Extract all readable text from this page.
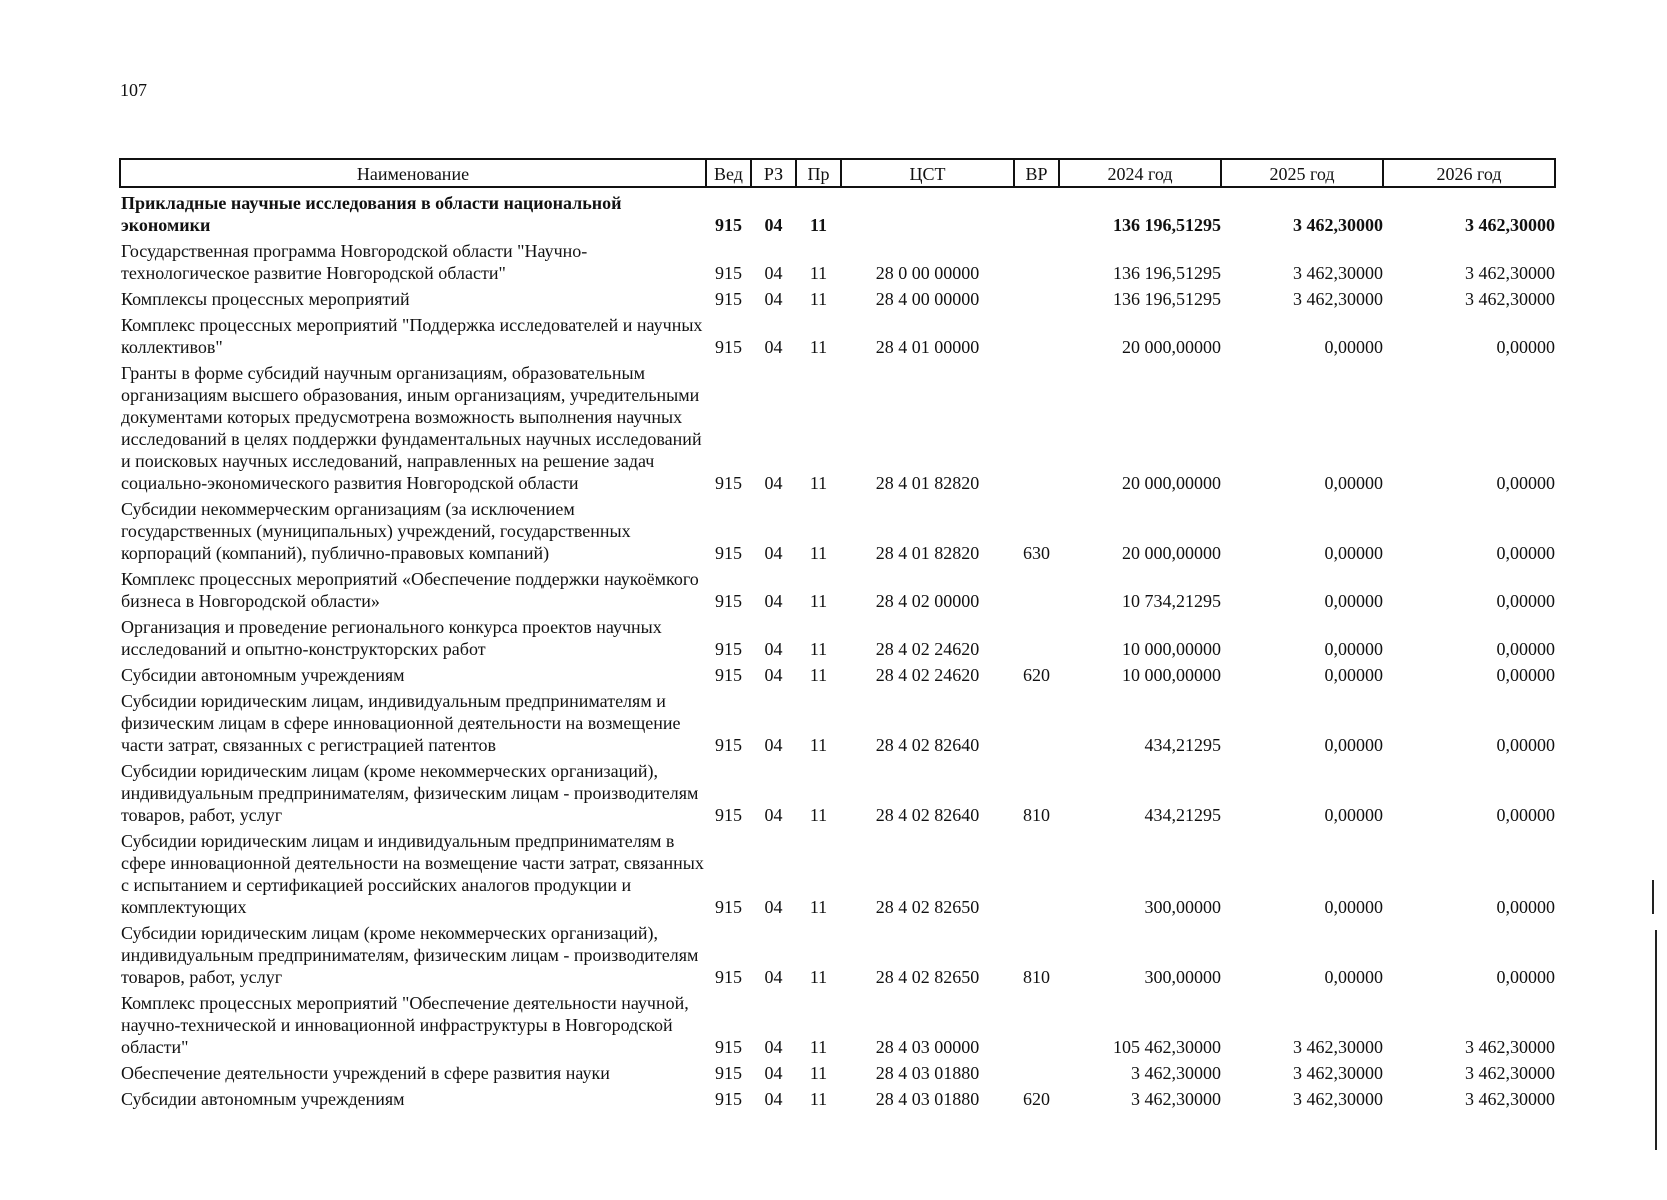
107
Наименование	Вед	РЗ	Пр	ЦСТ	ВР	2024 год	2025 год	2026 год
Прикладные научные исследования в области национальной экономики	915	04	11			136 196,51295	3 462,30000	3 462,30000
Государственная программа Новгородской области "Научно-технологическое развитие Новгородской области"	915	04	11	28 0 00 00000		136 196,51295	3 462,30000	3 462,30000
Комплексы процессных мероприятий	915	04	11	28 4 00 00000		136 196,51295	3 462,30000	3 462,30000
Комплекс процессных мероприятий "Поддержка исследователей и научных коллективов"	915	04	11	28 4 01 00000		20 000,00000	0,00000	0,00000
Гранты в форме субсидий научным организациям, образовательным организациям высшего образования, иным организациям, учредительными документами которых предусмотрена возможность выполнения научных исследований в целях поддержки фундаментальных научных исследований и поисковых научных исследований, направленных на решение задач социально-экономического развития Новгородской области	915	04	11	28 4 01 82820		20 000,00000	0,00000	0,00000
Субсидии некоммерческим организациям (за исключением государственных (муниципальных) учреждений, государственных корпораций (компаний), публично-правовых компаний)	915	04	11	28 4 01 82820	630	20 000,00000	0,00000	0,00000
Комплекс процессных мероприятий «Обеспечение поддержки наукоёмкого бизнеса в Новгородской области»	915	04	11	28 4 02 00000		10 734,21295	0,00000	0,00000
Организация и проведение регионального конкурса проектов научных исследований и опытно-конструкторских работ	915	04	11	28 4 02 24620		10 000,00000	0,00000	0,00000
Субсидии автономным учреждениям	915	04	11	28 4 02 24620	620	10 000,00000	0,00000	0,00000
Субсидии юридическим лицам, индивидуальным предпринимателям и физическим лицам в сфере инновационной деятельности на возмещение части затрат, связанных с регистрацией патентов	915	04	11	28 4 02 82640		434,21295	0,00000	0,00000
Субсидии юридическим лицам (кроме некоммерческих организаций), индивидуальным предпринимателям, физическим лицам - производителям товаров, работ, услуг	915	04	11	28 4 02 82640	810	434,21295	0,00000	0,00000
Субсидии юридическим лицам и индивидуальным предпринимателям в сфере инновационной деятельности на возмещение части затрат, связанных с испытанием и сертификацией российских аналогов продукции и комплектующих	915	04	11	28 4 02 82650		300,00000	0,00000	0,00000
Субсидии юридическим лицам (кроме некоммерческих организаций), индивидуальным предпринимателям, физическим лицам - производителям товаров, работ, услуг	915	04	11	28 4 02 82650	810	300,00000	0,00000	0,00000
Комплекс процессных мероприятий "Обеспечение деятельности научной, научно-технической и инновационной инфраструктуры в Новгородской области"	915	04	11	28 4 03 00000		105 462,30000	3 462,30000	3 462,30000
Обеспечение деятельности учреждений в сфере развития науки	915	04	11	28 4 03 01880		3 462,30000	3 462,30000	3 462,30000
Субсидии автономным учреждениям	915	04	11	28 4 03 01880	620	3 462,30000	3 462,30000	3 462,30000
